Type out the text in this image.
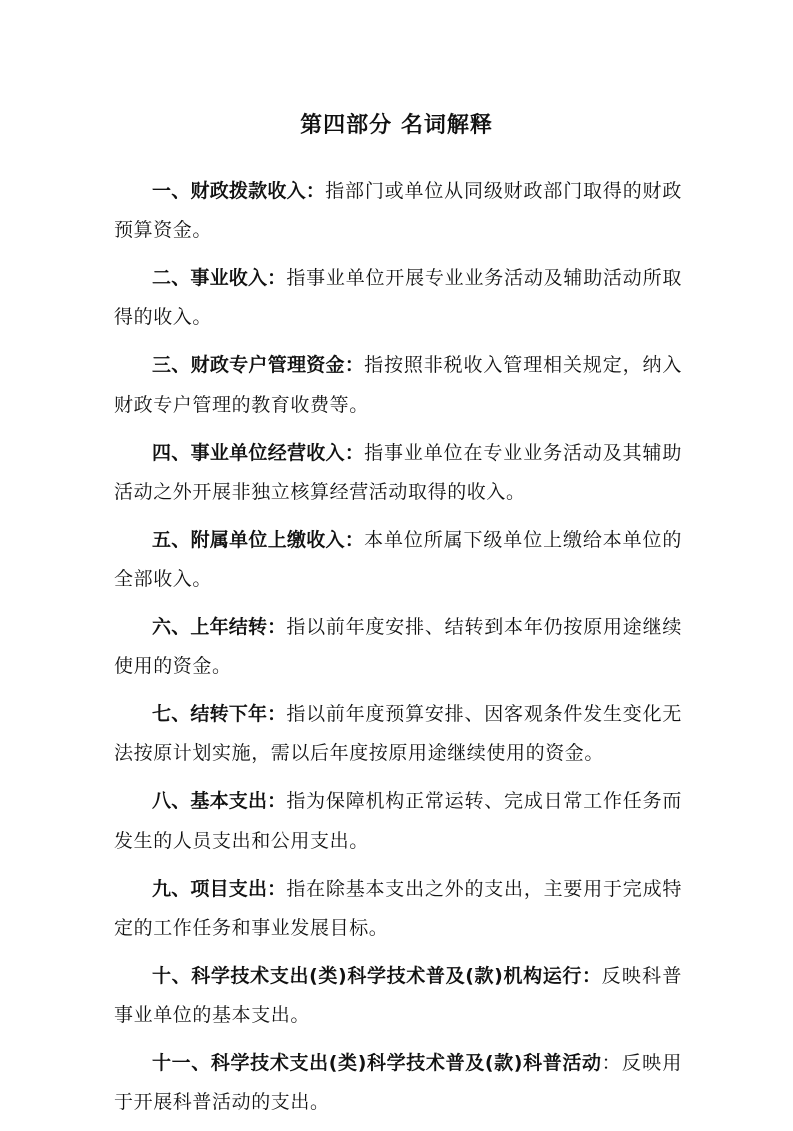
第四部分 名词解释

一、财政拨款收入：指部门或单位从同级财政部门取得的财政预算资金。

二、事业收入：指事业单位开展专业业务活动及辅助活动所取得的收入。

三、财政专户管理资金：指按照非税收入管理相关规定，纳入财政专户管理的教育收费等。

四、事业单位经营收入：指事业单位在专业业务活动及其辅助活动之外开展非独立核算经营活动取得的收入。

五、附属单位上缴收入：本单位所属下级单位上缴给本单位的全部收入。

六、上年结转：指以前年度安排、结转到本年仍按原用途继续使用的资金。

七、结转下年：指以前年度预算安排、因客观条件发生变化无法按原计划实施，需以后年度按原用途继续使用的资金。

八、基本支出：指为保障机构正常运转、完成日常工作任务而发生的人员支出和公用支出。

九、项目支出：指在除基本支出之外的支出，主要用于完成特定的工作任务和事业发展目标。

十、科学技术支出(类)科学技术普及(款)机构运行：反映科普事业单位的基本支出。

十一、科学技术支出(类)科学技术普及(款)科普活动：反映用于开展科普活动的支出。
